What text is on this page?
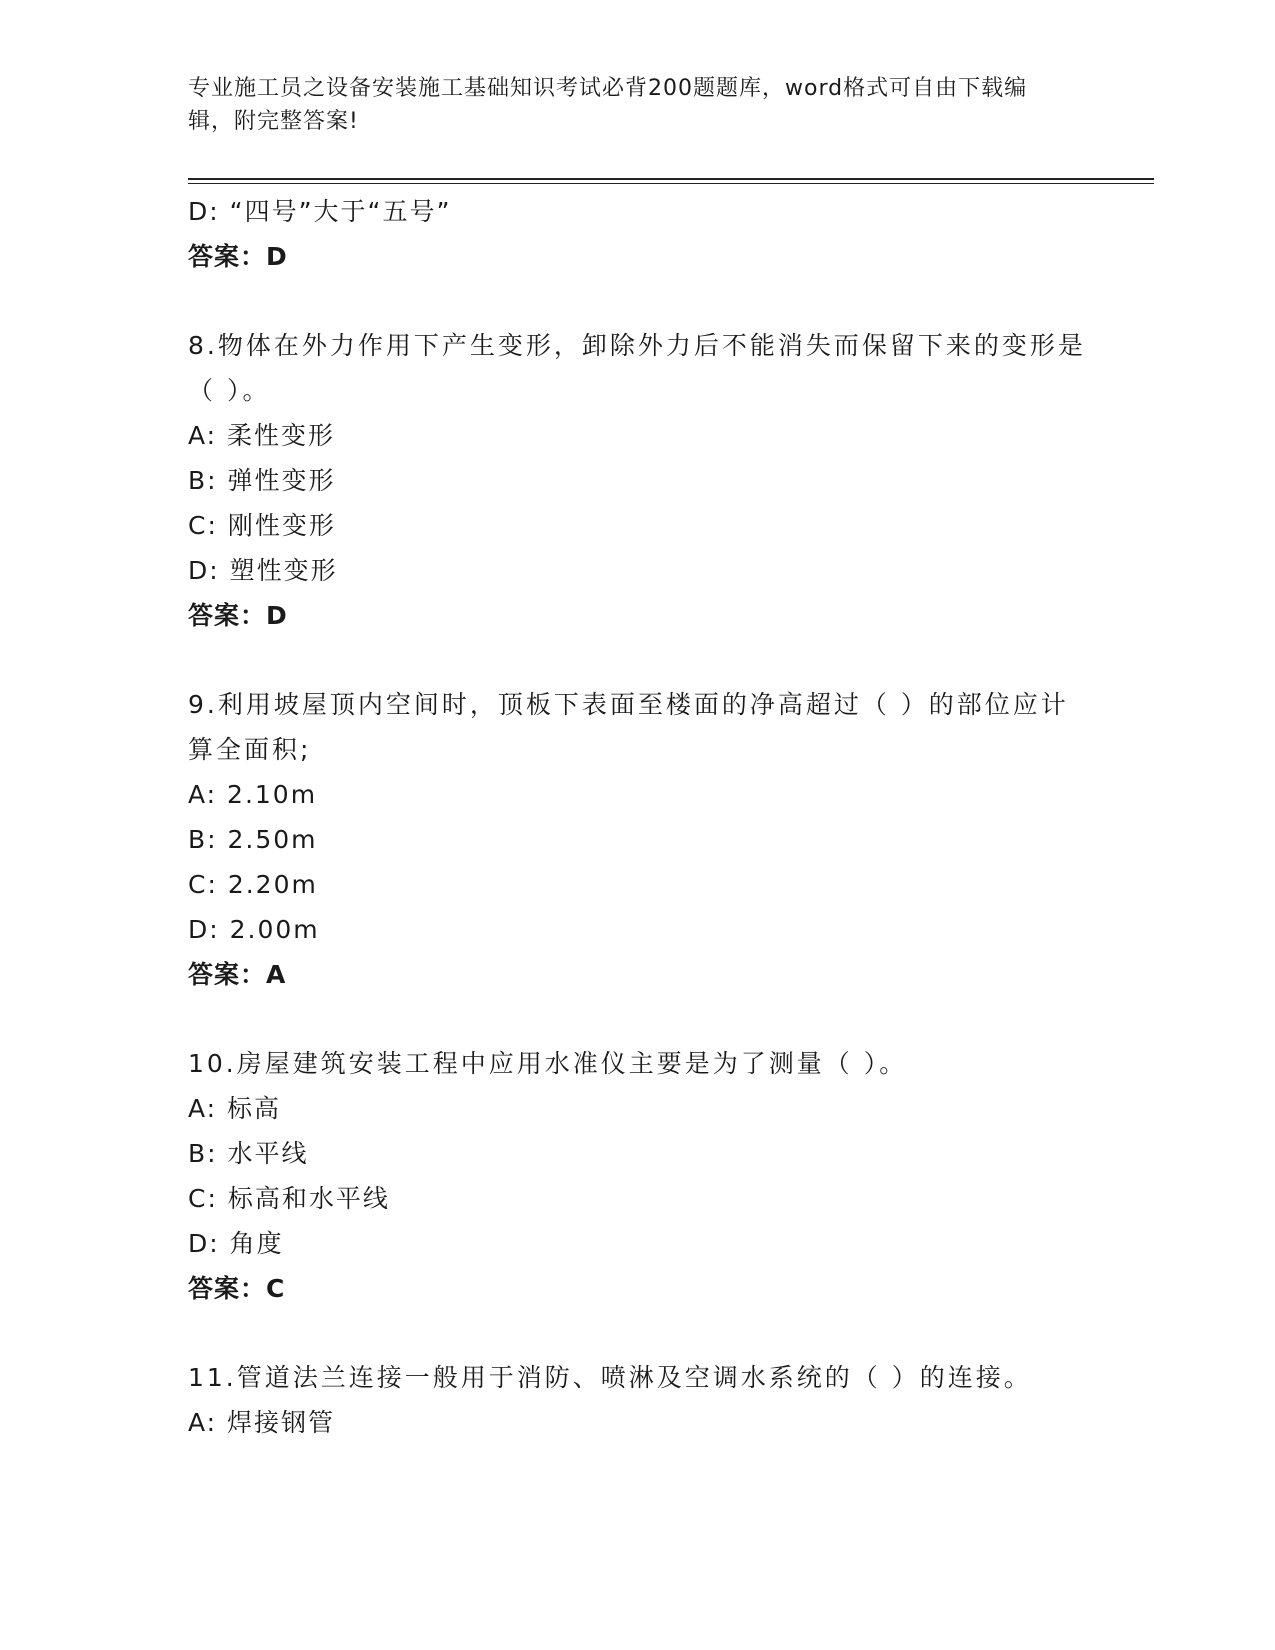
专业施工员之设备安装施工基础知识考试必背200题题库，word格式可自由下载编辑，附完整答案!
D: “四号”大于“五号”
答案：D
8.物体在外力作用下产生变形，卸除外力后不能消失而保留下来的变形是（ ）。
A: 柔性变形
B: 弹性变形
C: 刚性变形
D: 塑性变形
答案：D
9.利用坡屋顶内空间时，顶板下表面至楼面的净高超过（ ）的部位应计算全面积;
A: 2.10m
B: 2.50m
C: 2.20m
D: 2.00m
答案：A
10.房屋建筑安装工程中应用水准仪主要是为了测量（ ）。
A: 标高
B: 水平线
C: 标高和水平线
D: 角度
答案：C
11.管道法兰连接一般用于消防、喷淋及空调水系统的（ ）的连接。
A: 焊接钢管
